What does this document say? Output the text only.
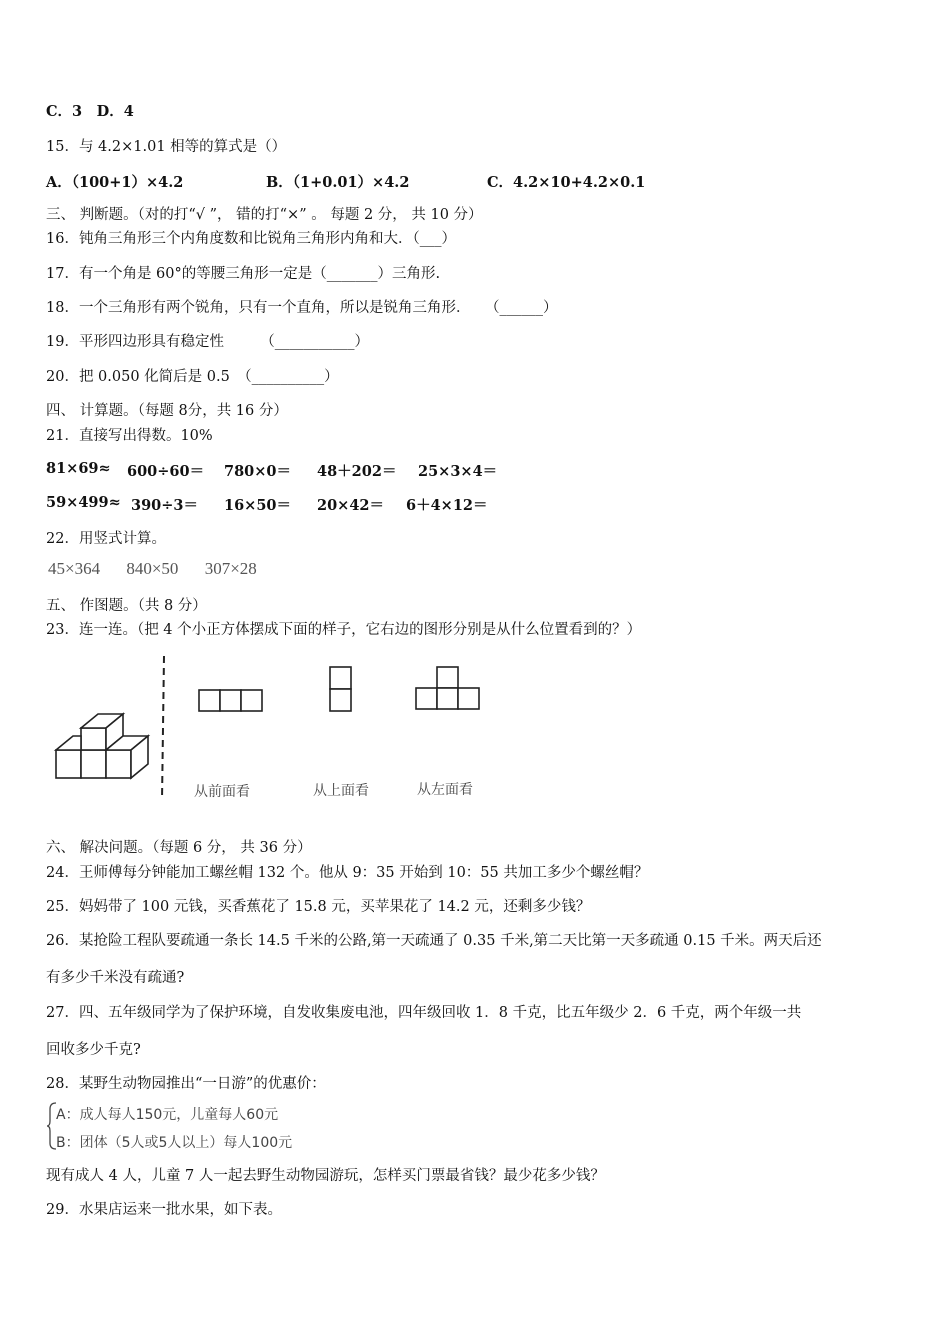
C．3　D．4
15．与 4.2×1.01 相等的算式是（）
A．（100+1）×4.2	B．（1+0.01）×4.2	C．4.2×10+4.2×0.1
三、 判断题。（对的打“√ ”， 错的打“×” 。 每题 2 分， 共 10 分）
16．钝角三角形三个内角度数和比锐角三角形内角和大．（___）
17．有一个角是 60°的等腰三角形一定是（_______）三角形.
18．一个三角形有两个锐角，只有一个直角，所以是锐角三角形．　　（______）
19．平形四边形具有稳定性　　　（___________）
20．把 0.050 化简后是 0.5　（__________）
四、 计算题。（每题 8分，共 16 分）
21．直接写出得数。10%
81×69≈ 600÷60＝ 780×0＝ 48＋202＝ 25×3×4＝
59×499≈ 390÷3＝ 16×50＝ 20×42＝ 6＋4×12＝
22．用竖式计算。
45×364 840×50 307×28
五、 作图题。（共 8 分）
23．连一连。（把 4 个小正方体摆成下面的样子，它右边的图形分别是从什么位置看到的？）
从前面看	从上面看	从左面看
六、 解决问题。（每题 6 分， 共 36 分）
24．王师傅每分钟能加工螺丝帽 132 个。他从 9：35 开始到 10：55 共加工多少个螺丝帽？
25．妈妈带了 100 元钱，买香蕉花了 15.8 元，买苹果花了 14.2 元，还剩多少钱？
26．某抢险工程队要疏通一条长 14.5 千米的公路,第一天疏通了 0.35 千米,第二天比第一天多疏通 0.15 千米。两天后还
有多少千米没有疏通?
27．四、五年级同学为了保护环境，自发收集废电池，四年级回收 1．8 千克，比五年级少 2．6 千克，两个年级一共
回收多少千克?
28．某野生动物园推出“一日游”的优惠价：
A：成人每人150元，儿童每人60元
B：团体（5人或5人以上）每人100元
现有成人 4 人，儿童 7 人一起去野生动物园游玩，怎样买门票最省钱？最少花多少钱？
29．水果店运来一批水果，如下表。
